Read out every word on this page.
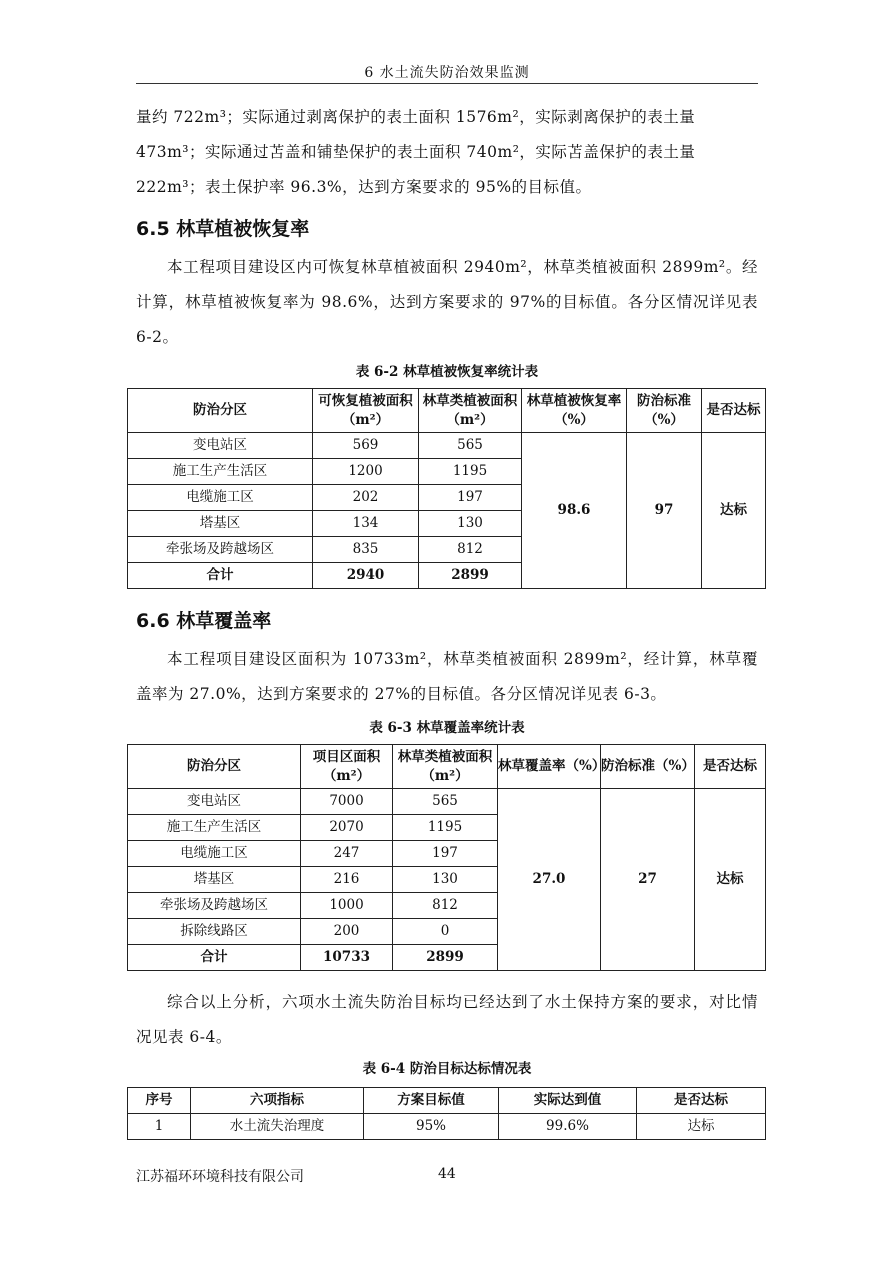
6 水土流失防治效果监测
量约 722m³；实际通过剥离保护的表土面积 1576m²，实际剥离保护的表土量
473m³；实际通过苫盖和铺垫保护的表土面积 740m²，实际苫盖保护的表土量
222m³；表土保护率 96.3%，达到方案要求的 95%的目标值。
6.5 林草植被恢复率
本工程项目建设区内可恢复林草植被面积 2940m²，林草类植被面积 2899m²。经计算，林草植被恢复率为 98.6%，达到方案要求的 97%的目标值。各分区情况详见表 6-2。
表 6-2 林草植被恢复率统计表
防治分区	可恢复植被面积（m²）	林草类植被面积（m²）	林草植被恢复率（%）	防治标准（%）	是否达标
变电站区	569	565	98.6	97	达标
施工生产生活区	1200	1195			
电缆施工区	202	197			
塔基区	134	130			
牵张场及跨越场区	835	812			
合计	2940	2899			
6.6 林草覆盖率
本工程项目建设区面积为 10733m²，林草类植被面积 2899m²，经计算，林草覆盖率为 27.0%，达到方案要求的 27%的目标值。各分区情况详见表 6-3。
表 6-3 林草覆盖率统计表
防治分区	项目区面积（m²）	林草类植被面积（m²）	林草覆盖率（%）	防治标准（%）	是否达标
变电站区	7000	565	27.0	27	达标
施工生产生活区	2070	1195			
电缆施工区	247	197			
塔基区	216	130			
牵张场及跨越场区	1000	812			
拆除线路区	200	0			
合计	10733	2899			
综合以上分析，六项水土流失防治目标均已经达到了水土保持方案的要求，对比情况见表 6-4。
表 6-4 防治目标达标情况表
序号	六项指标	方案目标值	实际达到值	是否达标
1	水土流失治理度	95%	99.6%	达标
江苏福环环境科技有限公司	44
